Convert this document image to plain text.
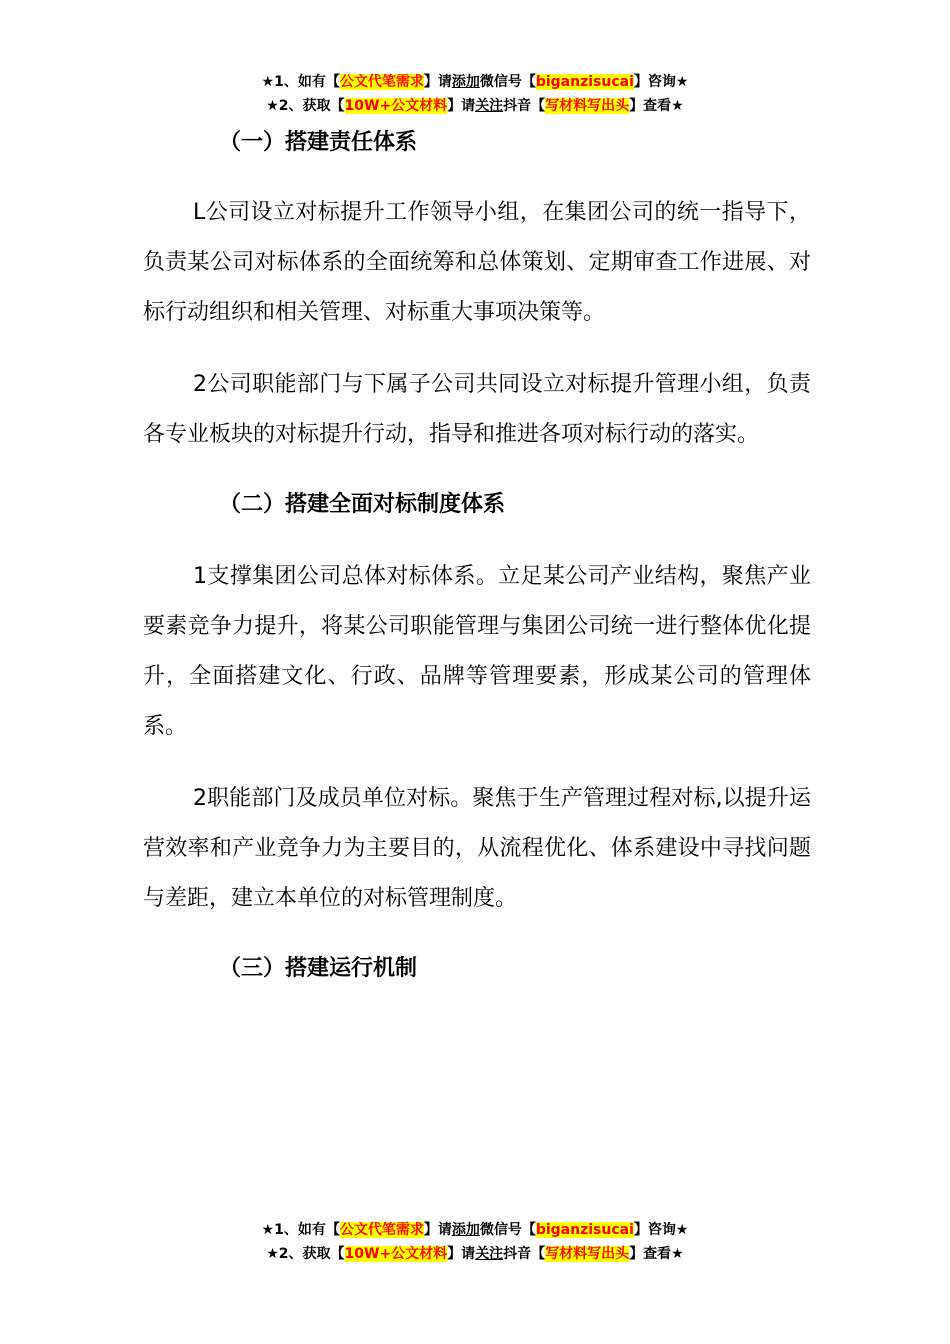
★1、如有【公文代笔需求】请添加微信号【biganzisucai】咨询★
★2、获取【10W+公文材料】请关注抖音【写材料写出头】查看★
（一）搭建责任体系

L公司设立对标提升工作领导小组，在集团公司的统一指导下，负责某公司对标体系的全面统筹和总体策划、定期审查工作进展、对标行动组织和相关管理、对标重大事项决策等。

2公司职能部门与下属子公司共同设立对标提升管理小组，负责各专业板块的对标提升行动，指导和推进各项对标行动的落实。

（二）搭建全面对标制度体系

1支撑集团公司总体对标体系。立足某公司产业结构，聚焦产业要素竞争力提升，将某公司职能管理与集团公司统一进行整体优化提升，全面搭建文化、行政、品牌等管理要素，形成某公司的管理体系。

2职能部门及成员单位对标。聚焦于生产管理过程对标,以提升运营效率和产业竞争力为主要目的，从流程优化、体系建设中寻找问题与差距，建立本单位的对标管理制度。

（三）搭建运行机制
★1、如有【公文代笔需求】请添加微信号【biganzisucai】咨询★
★2、获取【10W+公文材料】请关注抖音【写材料写出头】查看★
